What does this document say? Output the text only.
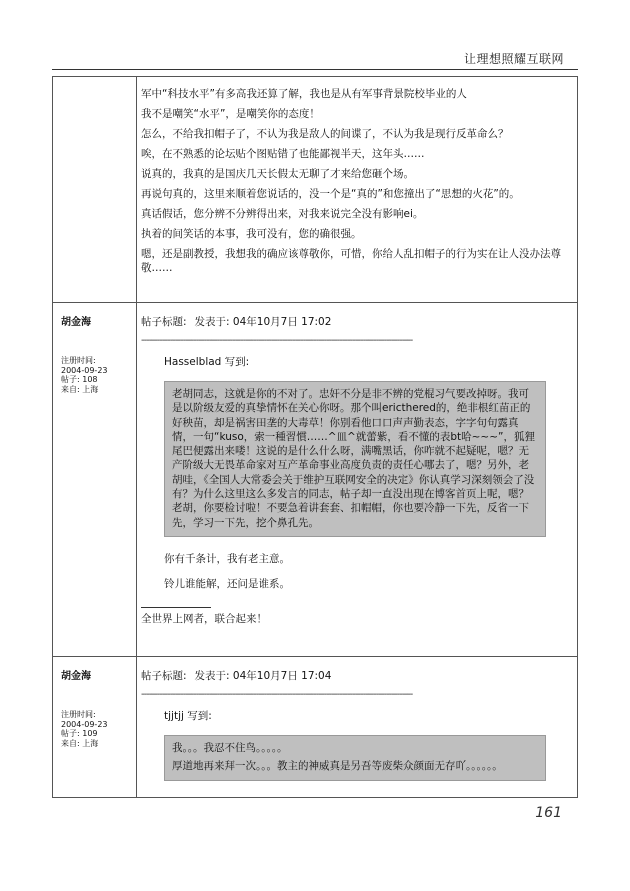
让理想照耀互联网

军中“科技水平”有多高我还算了解，我也是从有军事背景院校毕业的人

我不是嘲笑“水平”，是嘲笑你的态度！

怎么，不给我扣帽子了，不认为我是敌人的间谍了，不认为我是现行反革命么？

唉，在不熟悉的论坛贴个图贴错了也能鄙视半天，这年头……

说真的，我真的是国庆几天长假太无聊了才来给您砸个场。

再说句真的，这里来顺着您说话的，没一个是“真的”和您撞出了“思想的火花”的。

真话假话，您分辨不分辨得出来，对我来说完全没有影响ei。

执着的间笑话的本事，我可没有，您的确很强。

嗯，还是副教授，我想我的确应该尊敬你，可惜，你给人乱扣帽子的行为实在让人没办法尊敬……

胡金海
注册时间:
2004-09-23
帖子: 108
来自: 上海
帖子标题: 发表于: 04年10月7日 17:02
--------------------------------------------------------------------------------------------------------
Hasselblad 写到:

老胡同志，这就是你的不对了。忠奸不分是非不辨的党棍习气要改掉呀。我可是以阶级友爱的真挚情怀在关心你呀。那个叫ericthered的，绝非根红苗正的好秧苗，却是祸害田垄的大毒草！你别看他口口声声勤表态，字字句句露真情，一句“kuso，索一種習慣……^皿^就蕾紫，看不懂的表bt哈~~~”，狐狸尾巴便露出来喽！这说的是什么什么呀，满嘴黑话，你咋就不起疑呢，嗯？无产阶级大无畏革命家对互产革命事业高度负责的责任心哪去了，嗯？另外，老胡哇，《全国人大常委会关于维护互联网安全的决定》你认真学习深刻领会了没有？为什么这里这么多发言的同志，帖子却一直没出现在博客首页上呢，嗯？老胡，你要检讨啦！不要急着讲套套、扣帽帽，你也要冷静一下先，反省一下先，学习一下先，挖个鼻孔先。

你有千条计，我有老主意。

铃儿谁能解，还问是谁系。

全世界上网者，联合起来！
胡金海
注册时间:
2004-09-23
帖子: 109
来自: 上海
帖子标题: 发表于: 04年10月7日 17:04
--------------------------------------------------------------------------------------------------------
tjjtjj 写到:

我。。。我忍不住鸟。。。。。

厚道地再来拜一次。。。教主的神威真是另吾等废柴众颜面无存吖。。。。。。

161
